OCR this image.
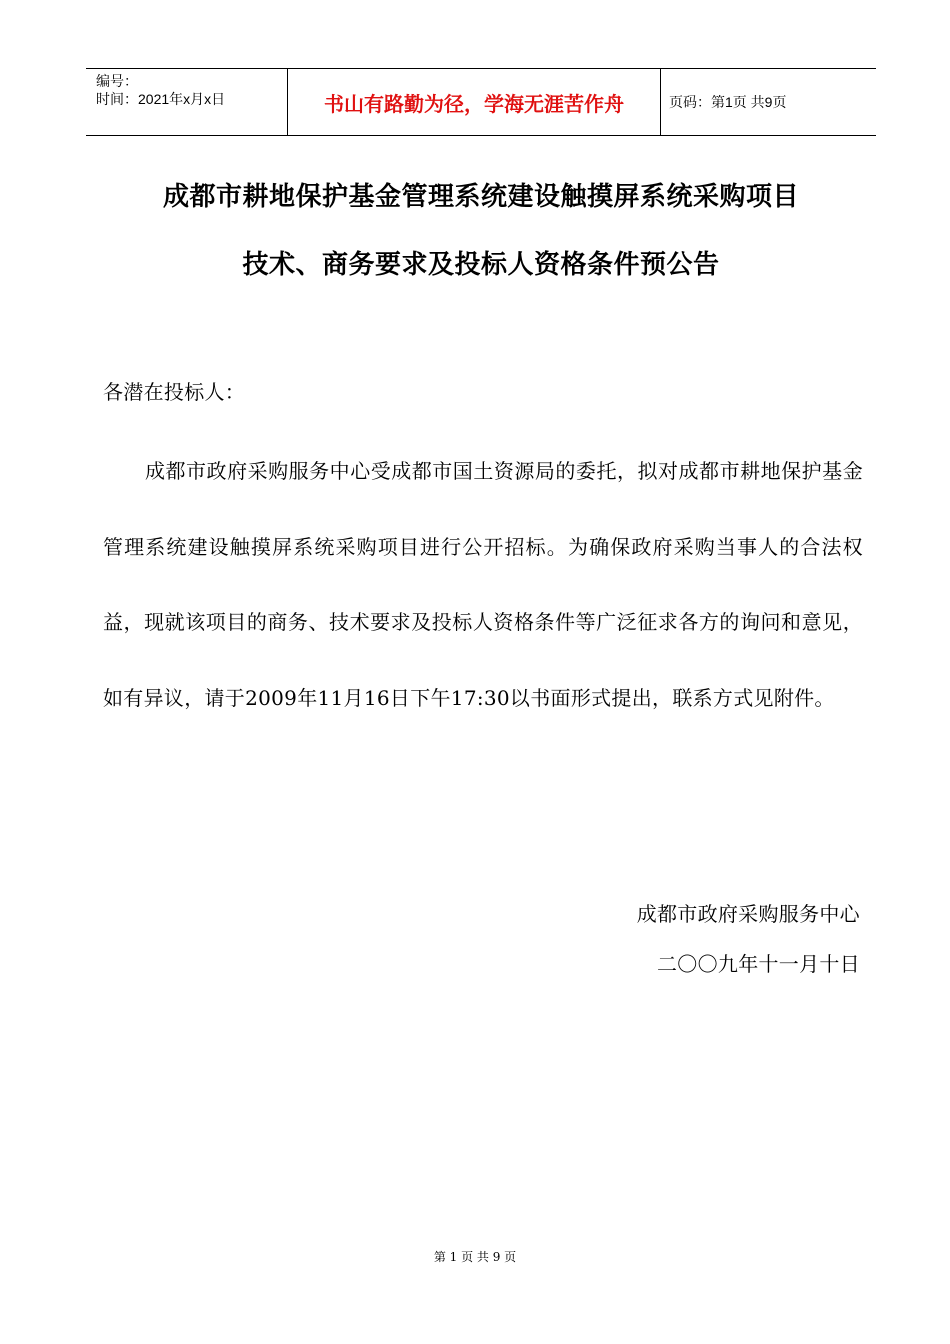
编号：
时间：2021年x月x日	书山有路勤为径，学海无涯苦作舟	页码：第1页 共9页
成都市耕地保护基金管理系统建设触摸屏系统采购项目
技术、商务要求及投标人资格条件预公告
各潜在投标人：
成都市政府采购服务中心受成都市国土资源局的委托，拟对成都市耕地保护基金管理系统建设触摸屏系统采购项目进行公开招标。为确保政府采购当事人的合法权益，现就该项目的商务、技术要求及投标人资格条件等广泛征求各方的询问和意见，如有异议，请于2009年11月16日下午17:30以书面形式提出，联系方式见附件。
成都市政府采购服务中心
二〇〇九年十一月十日
第 1 页 共 9 页
